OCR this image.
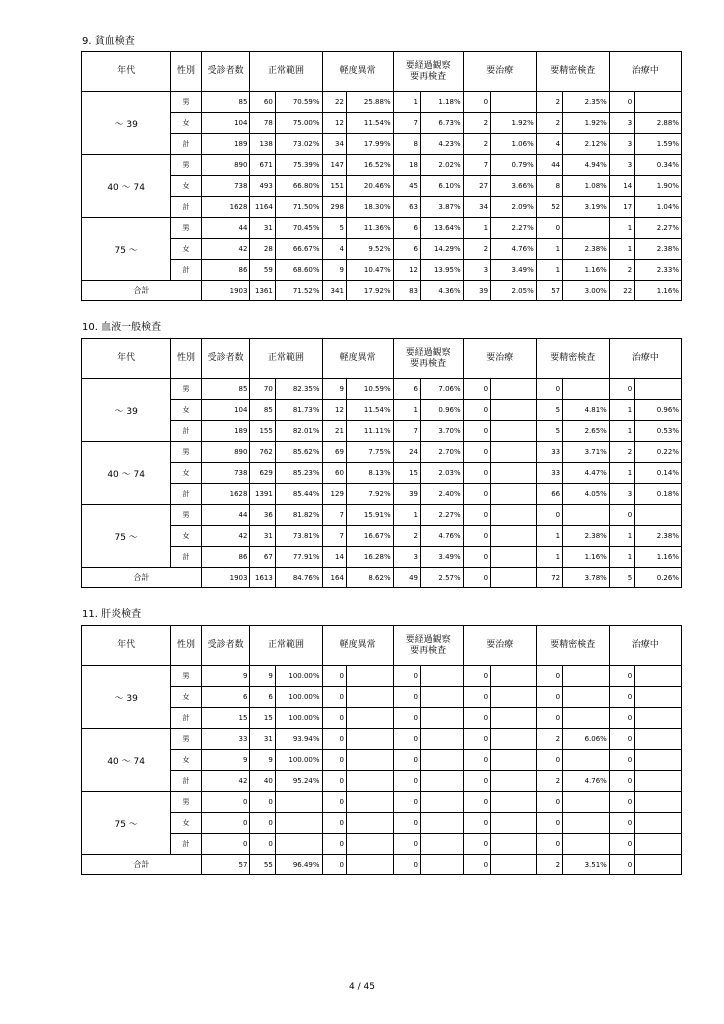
9. 貧血検査
年代	性別	受診者数	正常範囲		軽度異常		要経過観察
要再検査		要治療		要精密検査		治療中	
～ 39	男	85	60	70.59%	22	25.88%	1	1.18%	0		2	2.35%	0	
	女	104	78	75.00%	12	11.54%	7	6.73%	2	1.92%	2	1.92%	3	2.88%
	計	189	138	73.02%	34	17.99%	8	4.23%	2	1.06%	4	2.12%	3	1.59%
40 ～ 74	男	890	671	75.39%	147	16.52%	18	2.02%	7	0.79%	44	4.94%	3	0.34%
	女	738	493	66.80%	151	20.46%	45	6.10%	27	3.66%	8	1.08%	14	1.90%
	計	1628	1164	71.50%	298	18.30%	63	3.87%	34	2.09%	52	3.19%	17	1.04%
75 ～	男	44	31	70.45%	5	11.36%	6	13.64%	1	2.27%	0		1	2.27%
	女	42	28	66.67%	4	9.52%	6	14.29%	2	4.76%	1	2.38%	1	2.38%
	計	86	59	68.60%	9	10.47%	12	13.95%	3	3.49%	1	1.16%	2	2.33%
合計		1903	1361	71.52%	341	17.92%	83	4.36%	39	2.05%	57	3.00%	22	1.16%
10. 血液一般検査
年代	性別	受診者数	正常範囲		軽度異常		要経過観察
要再検査		要治療		要精密検査		治療中	
～ 39	男	85	70	82.35%	9	10.59%	6	7.06%	0		0		0	
	女	104	85	81.73%	12	11.54%	1	0.96%	0		5	4.81%	1	0.96%
	計	189	155	82.01%	21	11.11%	7	3.70%	0		5	2.65%	1	0.53%
40 ～ 74	男	890	762	85.62%	69	7.75%	24	2.70%	0		33	3.71%	2	0.22%
	女	738	629	85.23%	60	8.13%	15	2.03%	0		33	4.47%	1	0.14%
	計	1628	1391	85.44%	129	7.92%	39	2.40%	0		66	4.05%	3	0.18%
75 ～	男	44	36	81.82%	7	15.91%	1	2.27%	0		0		0	
	女	42	31	73.81%	7	16.67%	2	4.76%	0		1	2.38%	1	2.38%
	計	86	67	77.91%	14	16.28%	3	3.49%	0		1	1.16%	1	1.16%
合計		1903	1613	84.76%	164	8.62%	49	2.57%	0		72	3.78%	5	0.26%
11. 肝炎検査
年代	性別	受診者数	正常範囲		軽度異常		要経過観察
要再検査		要治療		要精密検査		治療中	
～ 39	男	9	9	100.00%	0		0		0		0		0	
	女	6	6	100.00%	0		0		0		0		0	
	計	15	15	100.00%	0		0		0		0		0	
40 ～ 74	男	33	31	93.94%	0		0		0		2	6.06%	0	
	女	9	9	100.00%	0		0		0		0		0	
	計	42	40	95.24%	0		0		0		2	4.76%	0	
75 ～	男	0	0		0		0		0		0		0	
	女	0	0		0		0		0		0		0	
	計	0	0		0		0		0		0		0	
合計		57	55	96.49%	0		0		0		2	3.51%	0	
4 / 45
